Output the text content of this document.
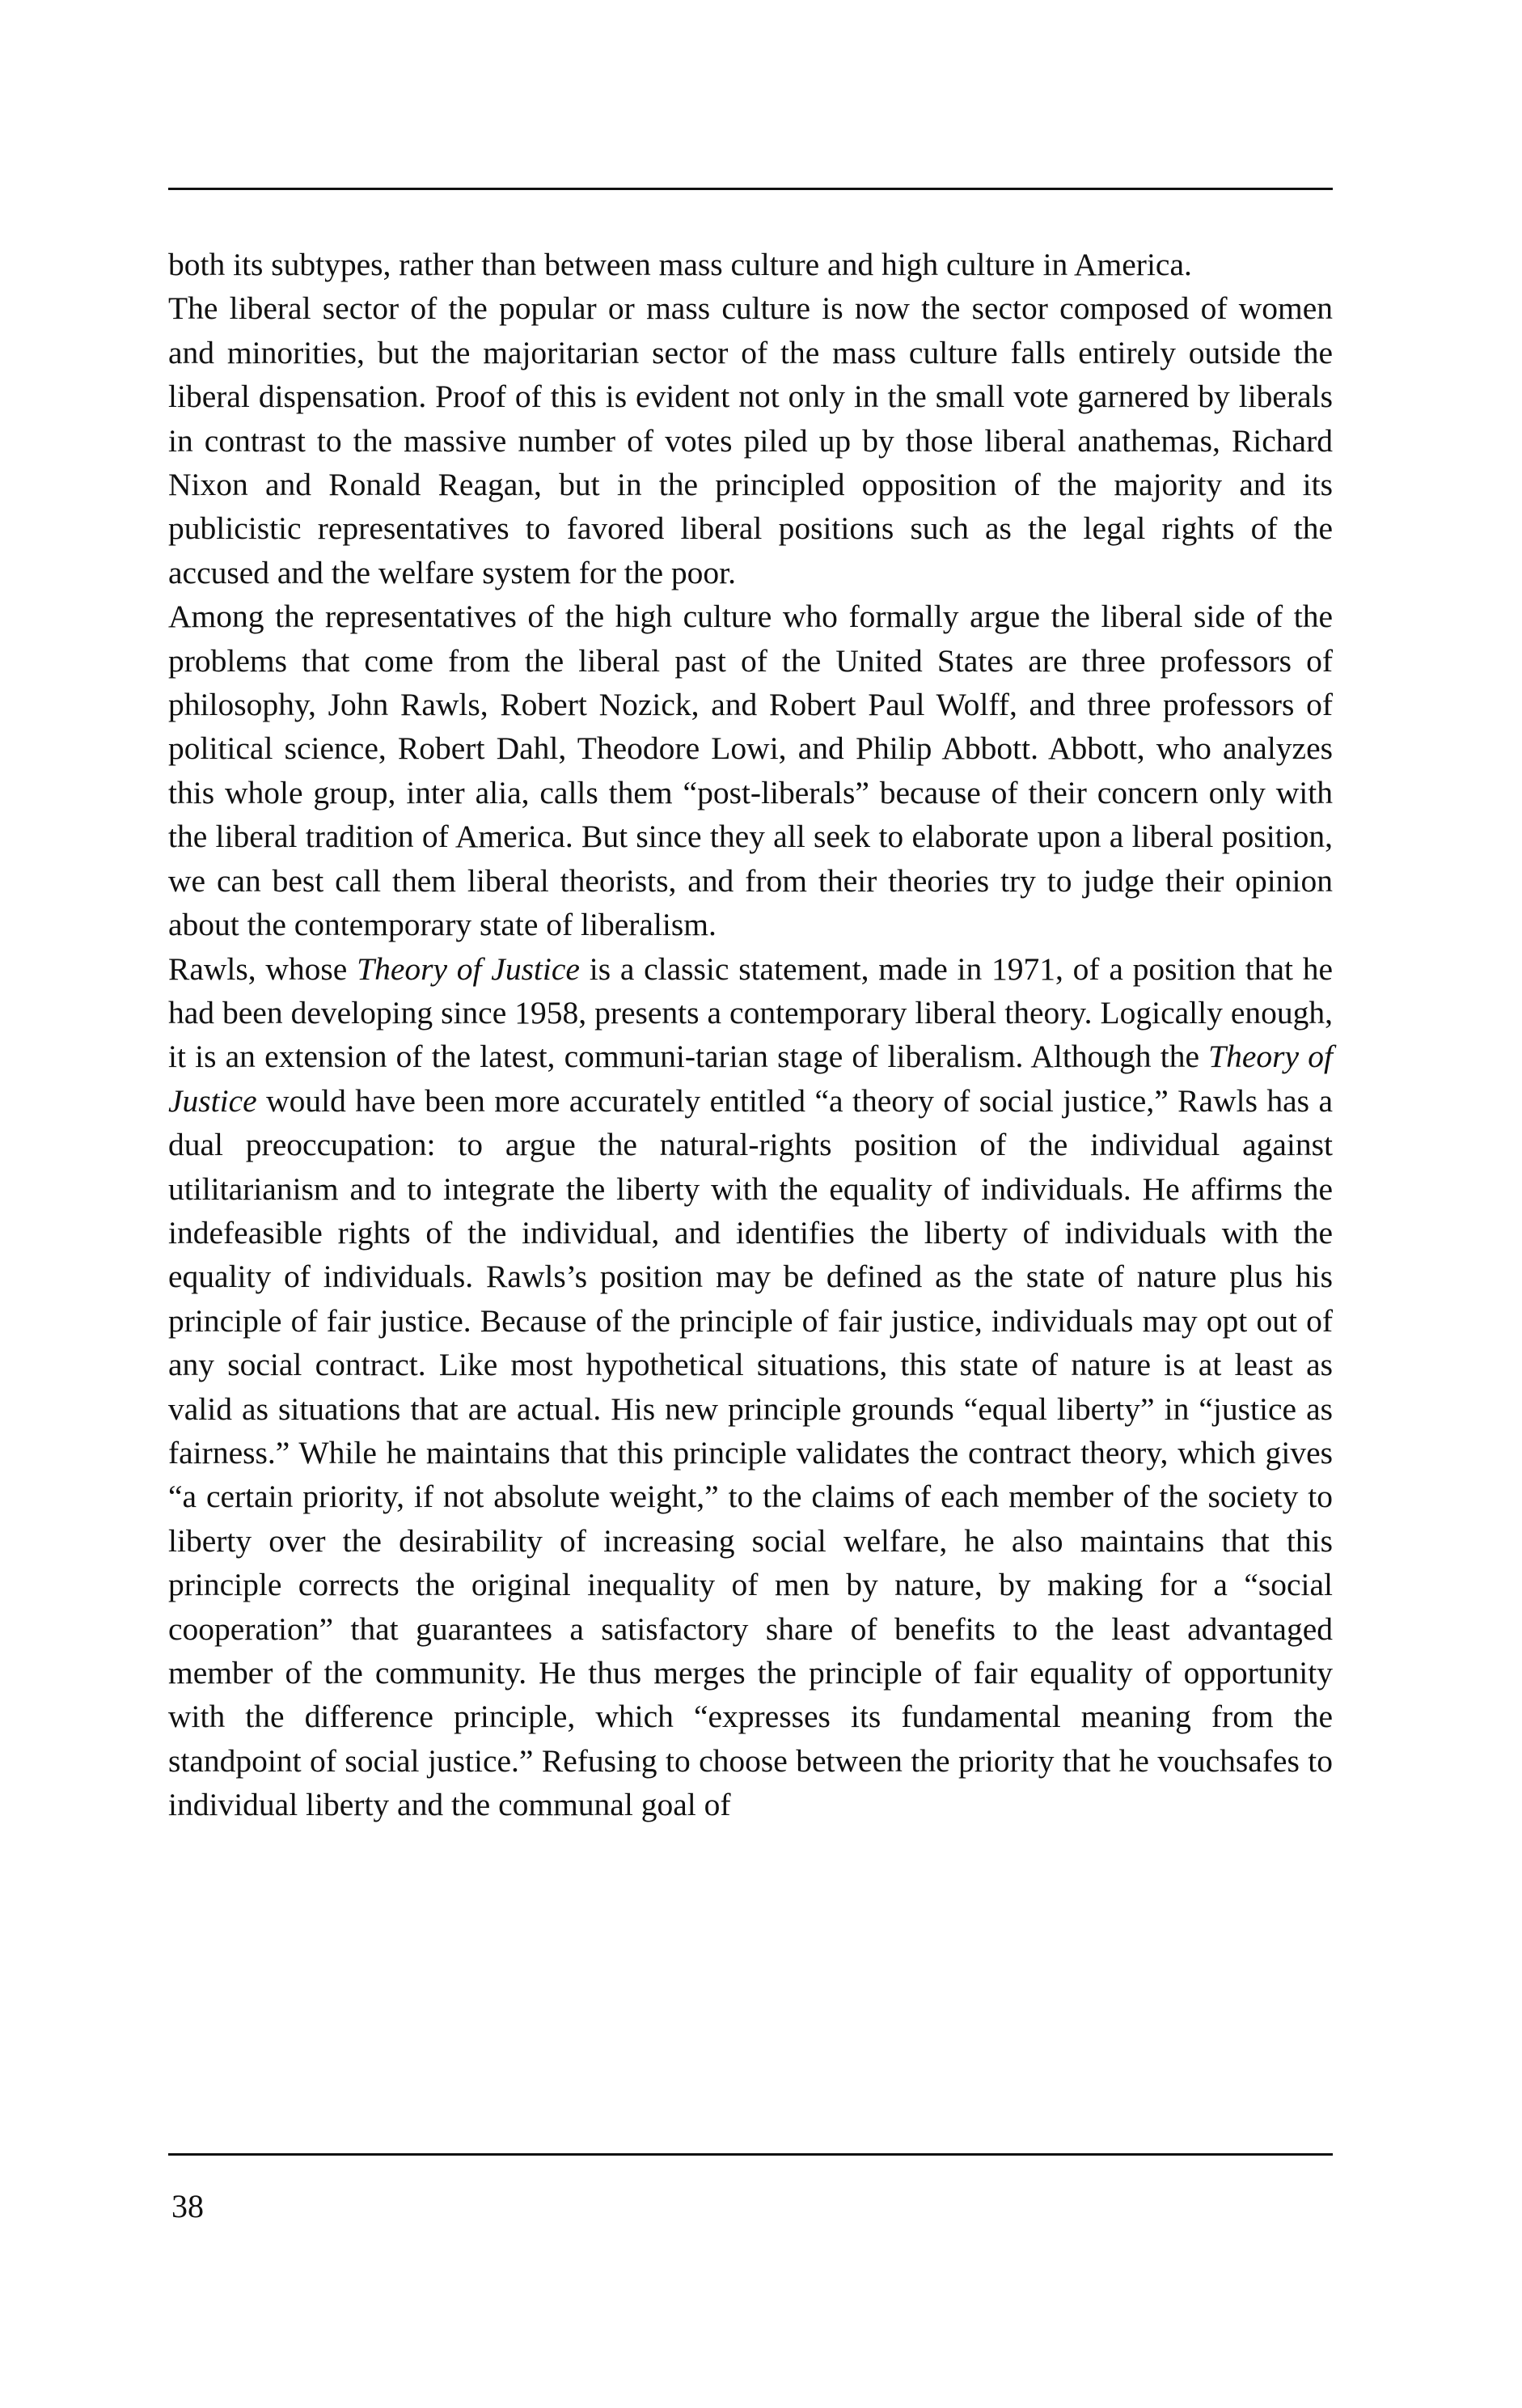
both its subtypes, rather than between mass culture and high culture in America.

The liberal sector of the popular or mass culture is now the sector composed of women and minorities, but the majoritarian sector of the mass culture falls entirely outside the liberal dispensation. Proof of this is evident not only in the small vote garnered by liberals in contrast to the massive number of votes piled up by those liberal anathemas, Richard Nixon and Ronald Reagan, but in the principled opposition of the majority and its publicistic representatives to favored liberal positions such as the legal rights of the accused and the welfare system for the poor.

Among the representatives of the high culture who formally argue the liberal side of the problems that come from the liberal past of the United States are three professors of philosophy, John Rawls, Robert Nozick, and Robert Paul Wolff, and three professors of political science, Robert Dahl, Theodore Lowi, and Philip Abbott. Abbott, who analyzes this whole group, inter alia, calls them “post-liberals” because of their concern only with the liberal tradition of America. But since they all seek to elaborate upon a liberal position, we can best call them liberal theorists, and from their theories try to judge their opinion about the contemporary state of liberalism.

Rawls, whose Theory of Justice is a classic statement, made in 1971, of a position that he had been developing since 1958, presents a contemporary liberal theory. Logically enough, it is an extension of the latest, communi-tarian stage of liberalism. Although the Theory of Justice would have been more accurately entitled “a theory of social justice,” Rawls has a dual preoccupation: to argue the natural-rights position of the individual against utilitarianism and to integrate the liberty with the equality of individuals. He affirms the indefeasible rights of the individual, and identifies the liberty of individuals with the equality of individuals. Rawls’s position may be defined as the state of nature plus his principle of fair justice. Because of the principle of fair justice, individuals may opt out of any social contract. Like most hypothetical situations, this state of nature is at least as valid as situations that are actual. His new principle grounds “equal liberty” in “justice as fairness.” While he maintains that this principle validates the contract theory, which gives “a certain priority, if not absolute weight,” to the claims of each member of the society to liberty over the desirability of increasing social welfare, he also maintains that this principle corrects the original inequality of men by nature, by making for a “social cooperation” that guarantees a satisfactory share of benefits to the least advantaged member of the community. He thus merges the principle of fair equality of opportunity with the difference principle, which “expresses its fundamental meaning from the standpoint of social justice.” Refusing to choose between the priority that he vouchsafes to individual liberty and the communal goal of

38
